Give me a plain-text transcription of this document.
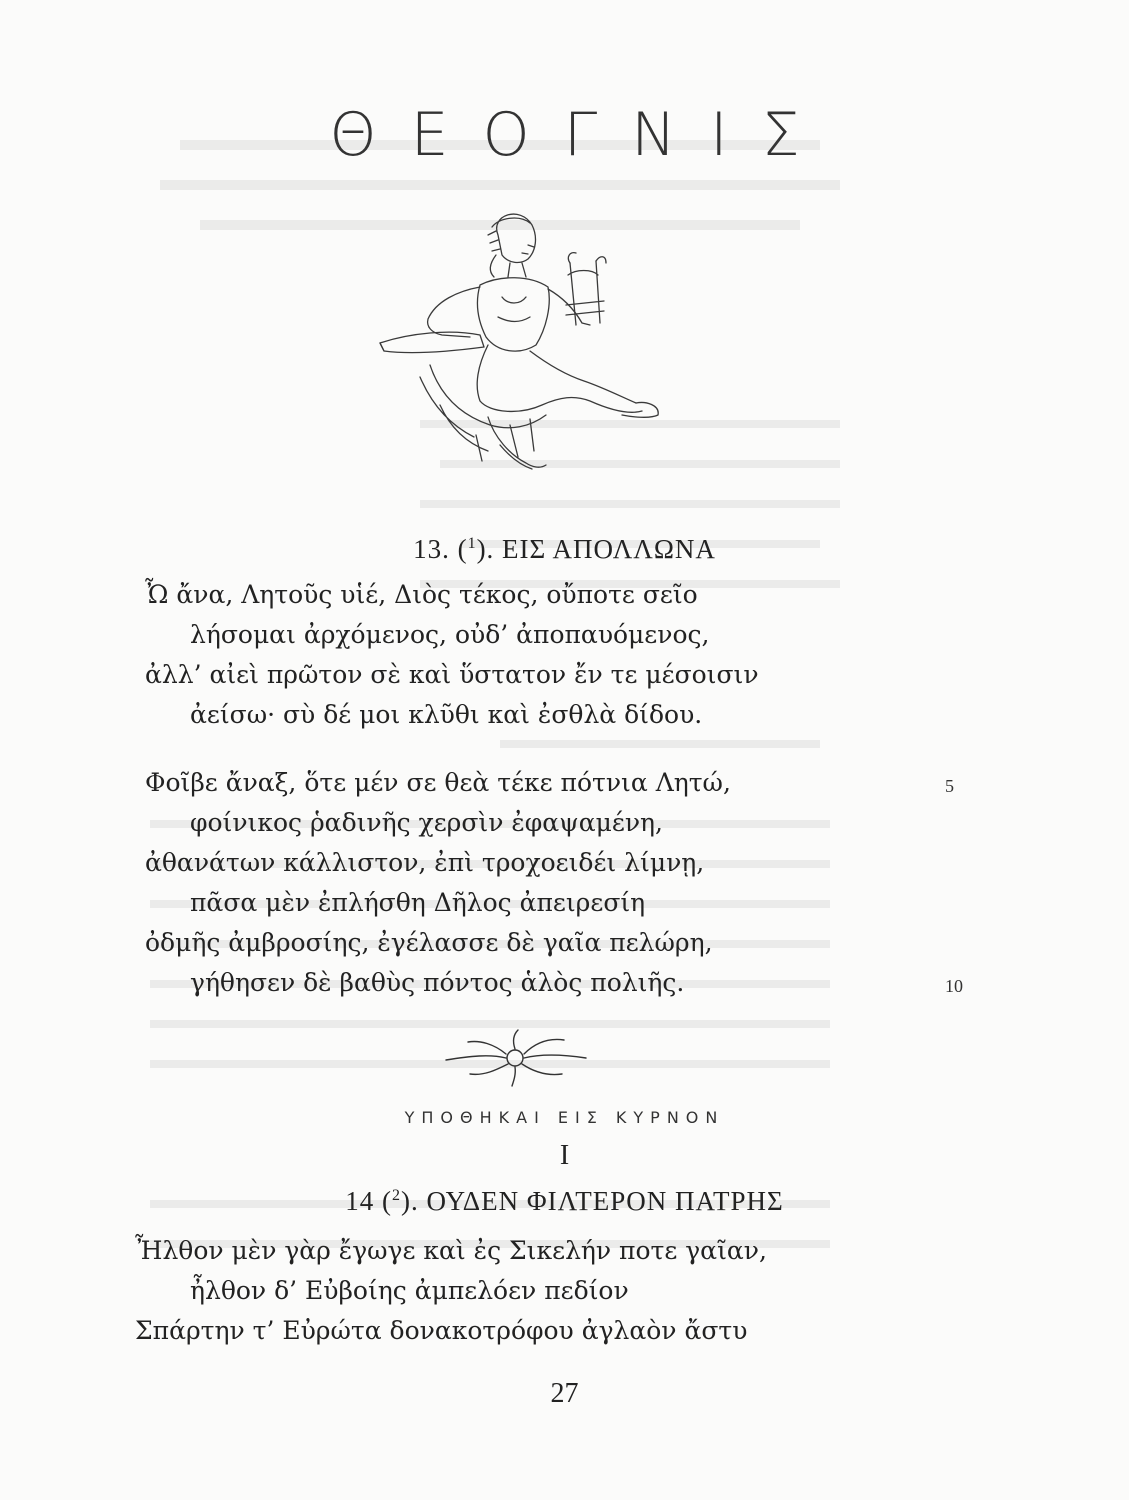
ΘΕΟΓΝΙΣ
13. ($^1$). ΕΙΣ ΑΠΟΛΛΩΝΑ
Ὦ ἄνα, Λητοῦς υἱέ, Διὸς τέκος, οὔποτε σεῖο
λήσομαι ἀρχόμενος, οὐδ’ ἀποπαυόμενος,
ἀλλ’ αἰεὶ πρῶτον σὲ καὶ ὕστατον ἔν τε μέσοισιν
ἀείσω· σὺ δέ μοι κλῦθι καὶ ἐσθλὰ δίδου.
Φοῖβε ἄναξ, ὅτε μέν σε θεὰ τέκε πότνια Λητώ,	5
φοίνικος ῥαδινῆς χερσὶν ἐφαψαμένη,
ἀθανάτων κάλλιστον, ἐπὶ τροχοειδέι λίμνῃ,
πᾶσα μὲν ἐπλήσθη Δῆλος ἀπειρεσίη
ὀδμῆς ἀμβροσίης, ἐγέλασσε δὲ γαῖα πελώρη,
γήθησεν δὲ βαθὺς πόντος ἁλὸς πολιῆς.	10
ΥΠΟΘΗΚΑΙ ΕΙΣ ΚΥΡΝΟΝ
I
14 ($^2$). ΟΥΔΕΝ ΦΙΛΤΕΡΟΝ ΠΑΤΡΗΣ
Ἦλθον μὲν γὰρ ἔγωγε καὶ ἐς Σικελήν ποτε γαῖαν,
ἦλθον δ’ Εὐβοίης ἀμπελόεν πεδίον
Σπάρτην τ’ Εὐρώτα δονακοτρόφου ἀγλαὸν ἄστυ
27
